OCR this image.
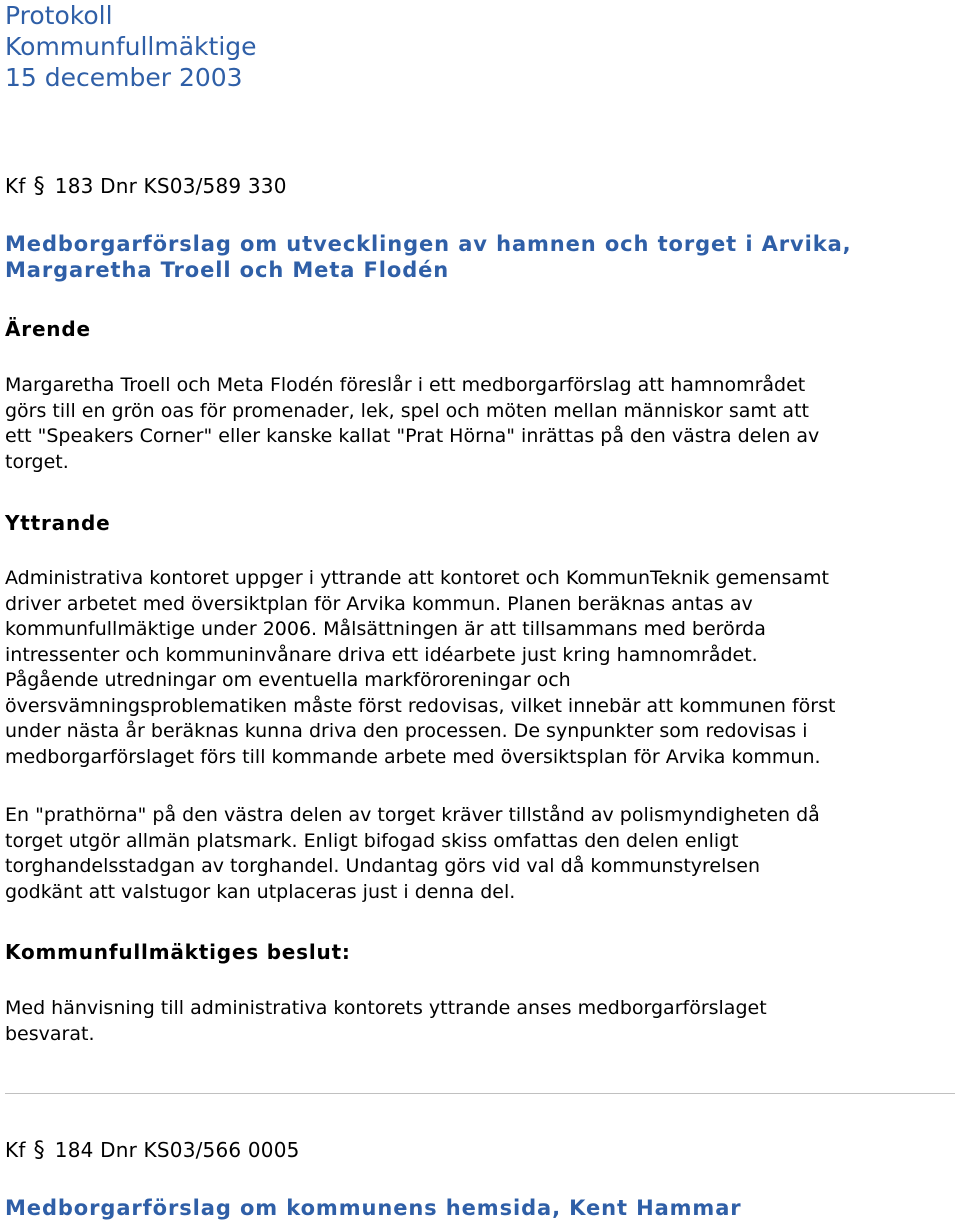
Protokoll
Kommunfullmäktige
15 december 2003
Kf § 183 Dnr KS03/589 330
Medborgarförslag om utvecklingen av hamnen och torget i Arvika,
Margaretha Troell och Meta Flodén
Ärende
Margaretha Troell och Meta Flodén föreslår i ett medborgarförslag att hamnområdet
görs till en grön oas för promenader, lek, spel och möten mellan människor samt att
ett "Speakers Corner" eller kanske kallat "Prat Hörna" inrättas på den västra delen av
torget.
Yttrande
Administrativa kontoret uppger i yttrande att kontoret och KommunTeknik gemensamt
driver arbetet med översiktplan för Arvika kommun. Planen beräknas antas av
kommunfullmäktige under 2006. Målsättningen är att tillsammans med berörda
intressenter och kommuninvånare driva ett idéarbete just kring hamnområdet.
Pågående utredningar om eventuella markföroreningar och
översvämningsproblematiken måste först redovisas, vilket innebär att kommunen först
under nästa år beräknas kunna driva den processen. De synpunkter som redovisas i
medborgarförslaget förs till kommande arbete med översiktsplan för Arvika kommun.
En "prathörna" på den västra delen av torget kräver tillstånd av polismyndigheten då
torget utgör allmän platsmark. Enligt bifogad skiss omfattas den delen enligt
torghandelsstadgan av torghandel. Undantag görs vid val då kommunstyrelsen
godkänt att valstugor kan utplaceras just i denna del.
Kommunfullmäktiges beslut:
Med hänvisning till administrativa kontorets yttrande anses medborgarförslaget
besvarat.
Kf § 184 Dnr KS03/566 0005
Medborgarförslag om kommunens hemsida, Kent Hammar
